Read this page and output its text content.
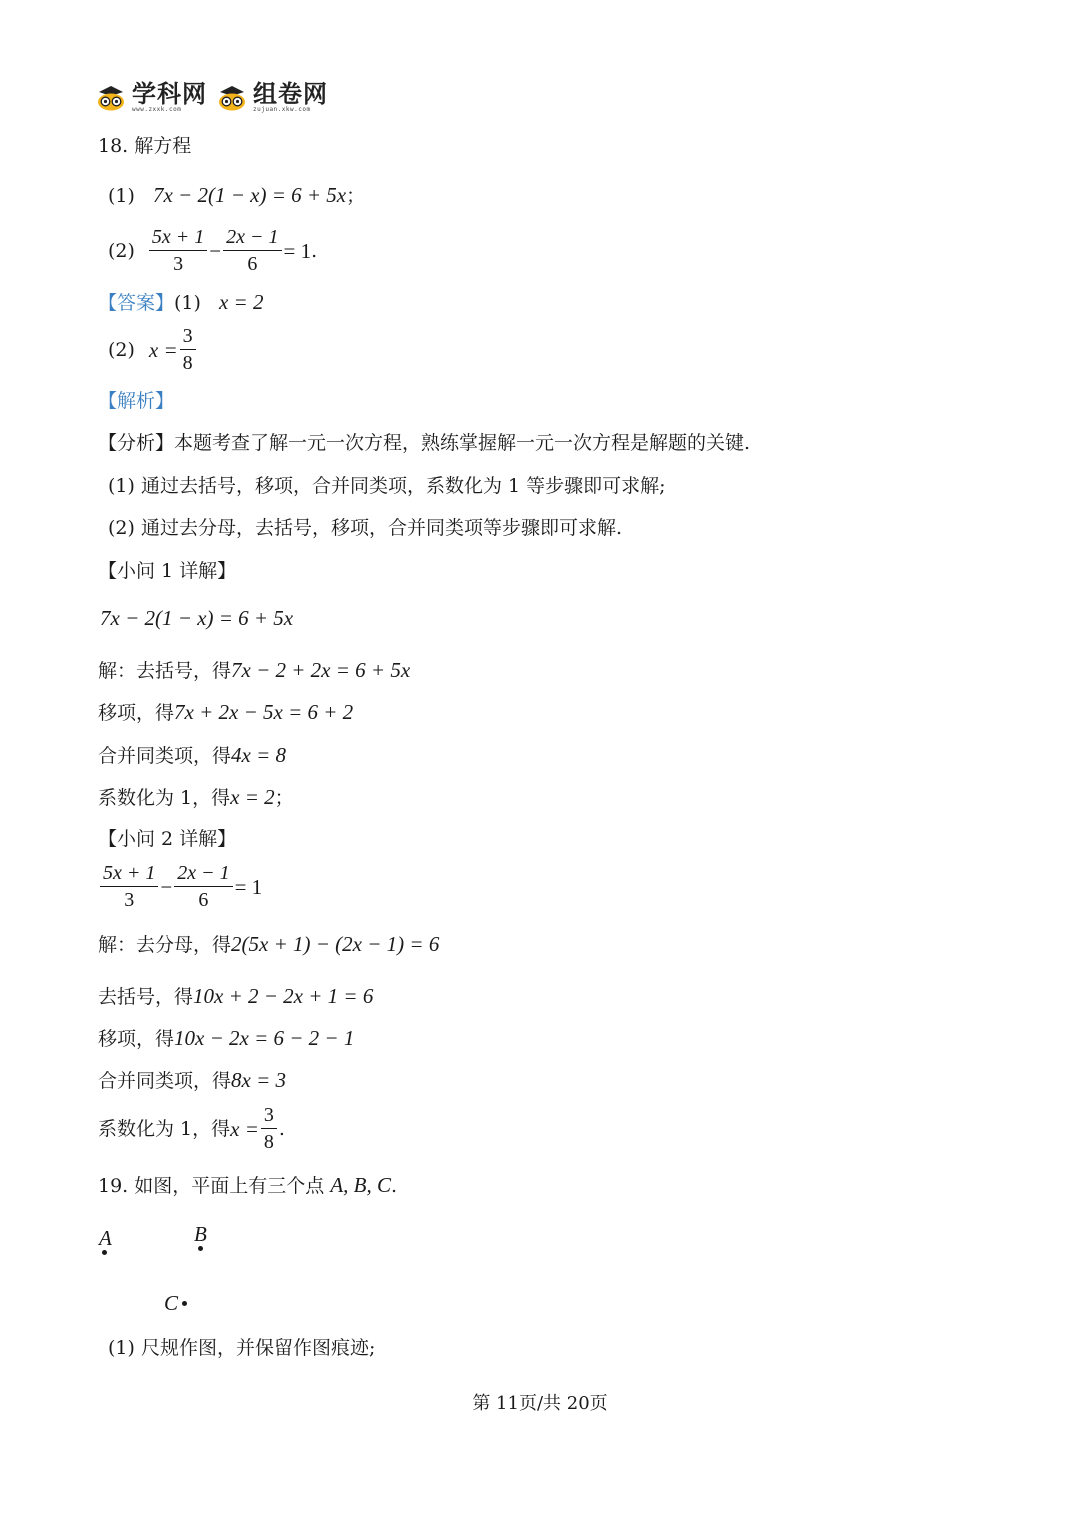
学科网
www.zxxk.com
组卷网
zujuan.xkw.com
18. 解方程
(1) 7x − 2(1 − x) = 6 + 5x；
$(2) \frac{5x + 1}{3} - \frac{2x - 1}{6} = 1$ .
【答案】(1) x = 2
(2) $x = \frac{3}{8}$
【解析】
【分析】本题考查了解一元一次方程，熟练掌握解一元一次方程是解题的关键.
(1) 通过去括号，移项，合并同类项，系数化为 1 等步骤即可求解;
(2) 通过去分母，去括号，移项，合并同类项等步骤即可求解.
【小问 1 详解】
7x − 2(1 − x) = 6 + 5x
解：去括号，得7x − 2 + 2x = 6 + 5x
移项，得7x + 2x − 5x = 6 + 2
合并同类项，得4x = 8
系数化为 1，得x = 2；
【小问 2 详解】
$\frac{5x + 1}{3} - \frac{2x - 1}{6} = 1$
解：去分母，得2(5x + 1) − (2x − 1) = 6
去括号，得10x + 2 − 2x + 1 = 6
移项，得10x − 2x = 6 − 2 − 1
合并同类项，得8x = 3
系数化为 1，得 $x = \frac{3}{8}$ .
19. 如图，平面上有三个点 A, B, C.
A	B
C
(1) 尺规作图，并保留作图痕迹;
第 11页/共 20页
